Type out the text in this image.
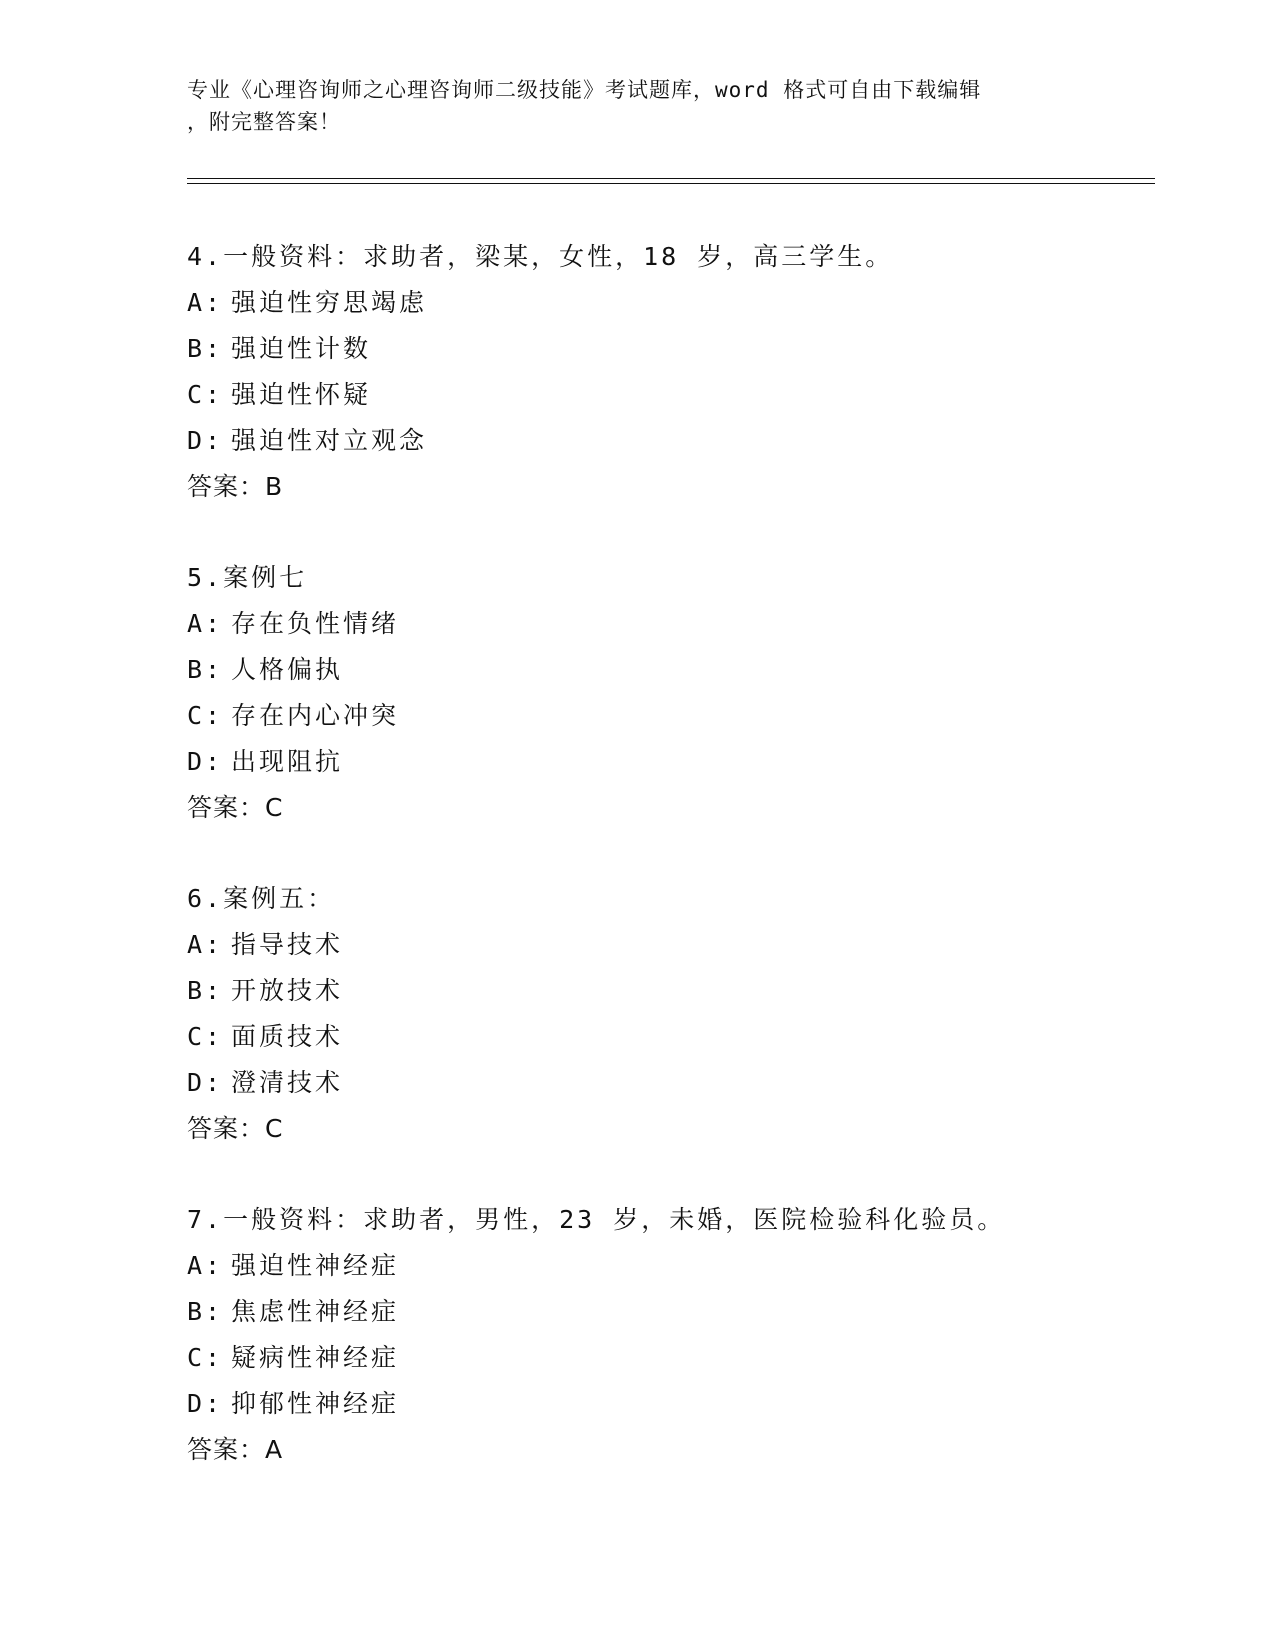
专业《心理咨询师之心理咨询师二级技能》考试题库，word 格式可自由下载编辑
，附完整答案！
4.一般资料：求助者，梁某，女性，18 岁，高三学生。
A: 强迫性穷思竭虑
B: 强迫性计数
C: 强迫性怀疑
D: 强迫性对立观念
答案：B
5.案例七
A: 存在负性情绪
B: 人格偏执
C: 存在内心冲突
D: 出现阻抗
答案：C
6.案例五：
A: 指导技术
B: 开放技术
C: 面质技术
D: 澄清技术
答案：C
7.一般资料：求助者，男性，23 岁，未婚，医院检验科化验员。
A: 强迫性神经症
B: 焦虑性神经症
C: 疑病性神经症
D: 抑郁性神经症
答案：A
